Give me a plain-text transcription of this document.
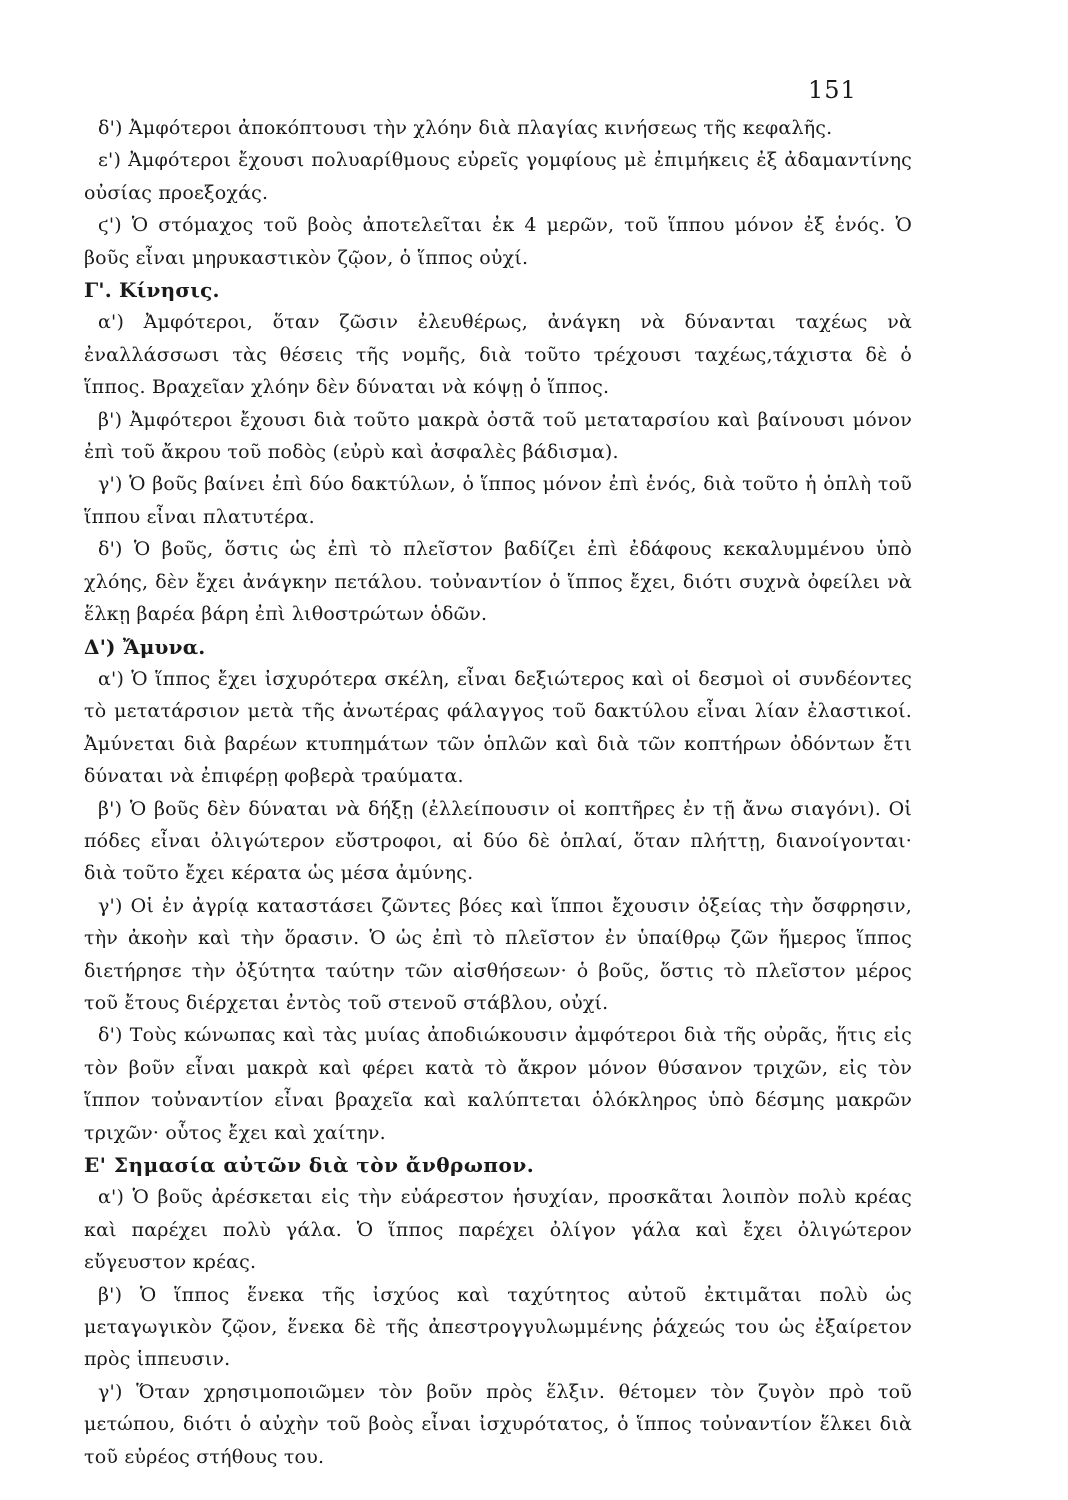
151

δ') Ἀμφότεροι ἀποκόπτουσι τὴν χλόην διὰ πλαγίας κινήσεως τῆς κεφαλῆς.

ε') Ἀμφότεροι ἔχουσι πολυαρίθμους εὐρεῖς γομφίους μὲ ἐπιμήκεις ἐξ ἀδαμαντίνης οὐσίας προεξοχάς.

ϛ') Ὁ στόμαχος τοῦ βοὸς ἀποτελεῖται ἐκ 4 μερῶν, τοῦ ἵππου μόνον ἐξ ἑνός. Ὁ βοῦς εἶναι μηρυκαστικὸν ζῷον, ὁ ἵππος οὐχί.

Γ'. Κίνησις.

α') Ἀμφότεροι, ὅταν ζῶσιν ἐλευθέρως, ἀνάγκη νὰ δύνανται ταχέως νὰ ἐναλλάσσωσι τὰς θέσεις τῆς νομῆς, διὰ τοῦτο τρέχουσι ταχέως,τάχιστα δὲ ὁ ἵππος. Βραχεῖαν χλόην δὲν δύναται νὰ κόψῃ ὁ ἵππος.

β') Ἀμφότεροι ἔχουσι διὰ τοῦτο μακρὰ ὀστᾶ τοῦ μεταταρσίου καὶ βαίνουσι μόνον ἐπὶ τοῦ ἄκρου τοῦ ποδὸς (εὐρὺ καὶ ἀσφαλὲς βάδισμα).

γ') Ὁ βοῦς βαίνει ἐπὶ δύο δακτύλων, ὁ ἵππος μόνον ἐπὶ ἑνός, διὰ τοῦτο ἡ ὁπλὴ τοῦ ἵππου εἶναι πλατυτέρα.

δ') Ὁ βοῦς, ὅστις ὡς ἐπὶ τὸ πλεῖστον βαδίζει ἐπὶ ἐδάφους κεκαλυμμένου ὑπὸ χλόης, δὲν ἔχει ἀνάγκην πετάλου. τοὐναντίον ὁ ἵππος ἔχει, διότι συχνὰ ὀφείλει νὰ ἕλκῃ βαρέα βάρη ἐπὶ λιθοστρώτων ὁδῶν.

Δ') Ἄμυνα.

α') Ὁ ἵππος ἔχει ἰσχυρότερα σκέλη, εἶναι δεξιώτερος καὶ οἱ δεσμοὶ οἱ συνδέοντες τὸ μετατάρσιον μετὰ τῆς ἀνωτέρας φάλαγγος τοῦ δακτύλου εἶναι λίαν ἐλαστικοί. Ἀμύνεται διὰ βαρέων κτυπημάτων τῶν ὁπλῶν καὶ διὰ τῶν κοπτήρων ὀδόντων ἔτι δύναται νὰ ἐπιφέρῃ φοβερὰ τραύματα.

β') Ὁ βοῦς δὲν δύναται νὰ δήξῃ (ἐλλείπουσιν οἱ κοπτῆρες ἐν τῇ ἄνω σιαγόνι). Οἱ πόδες εἶναι ὀλιγώτερον εὔστροφοι, αἱ δύο δὲ ὁπλαί, ὅταν πλήττῃ, διανοίγονται· διὰ τοῦτο ἔχει κέρατα ὡς μέσα ἀμύνης.

γ') Οἱ ἐν ἀγρίᾳ καταστάσει ζῶντες βόες καὶ ἵπποι ἔχουσιν ὀξείας τὴν ὄσφρησιν, τὴν ἀκοὴν καὶ τὴν ὅρασιν. Ὁ ὡς ἐπὶ τὸ πλεῖστον ἐν ὑπαίθρῳ ζῶν ἥμερος ἵππος διετήρησε τὴν ὀξύτητα ταύτην τῶν αἰσθήσεων· ὁ βοῦς, ὅστις τὸ πλεῖστον μέρος τοῦ ἔτους διέρχεται ἐντὸς τοῦ στενοῦ στάβλου, οὐχί.

δ') Τοὺς κώνωπας καὶ τὰς μυίας ἀποδιώκουσιν ἀμφότεροι διὰ τῆς οὐρᾶς, ἥτις εἰς τὸν βοῦν εἶναι μακρὰ καὶ φέρει κατὰ τὸ ἄκρον μόνον θύσανον τριχῶν, εἰς τὸν ἵππον τοὐναντίον εἶναι βραχεῖα καὶ καλύπτεται ὁλόκληρος ὑπὸ δέσμης μακρῶν τριχῶν· οὗτος ἔχει καὶ χαίτην.

Ε' Σημασία αὐτῶν διὰ τὸν ἄνθρωπον.

α') Ὁ βοῦς ἀρέσκεται εἰς τὴν εὐάρεστον ἡσυχίαν, προσκᾶται λοιπὸν πολὺ κρέας καὶ παρέχει πολὺ γάλα. Ὁ ἵππος παρέχει ὀλίγον γάλα καὶ ἔχει ὀλιγώτερον εὔγευστον κρέας.

β') Ὁ ἵππος ἕνεκα τῆς ἰσχύος καὶ ταχύτητος αὐτοῦ ἐκτιμᾶται πολὺ ὡς μεταγωγικὸν ζῷον, ἕνεκα δὲ τῆς ἀπεστρογγυλωμμένης ῥάχεώς του ὡς ἐξαίρετον πρὸς ἱππευσιν.

γ') Ὅταν χρησιμοποιῶμεν τὸν βοῦν πρὸς ἕλξιν. θέτομεν τὸν ζυγὸν πρὸ τοῦ μετώπου, διότι ὁ αὐχὴν τοῦ βοὸς εἶναι ἰσχυρότατος, ὁ ἵππος τοὐναντίον ἕλκει διὰ τοῦ εὐρέος στήθους του.
